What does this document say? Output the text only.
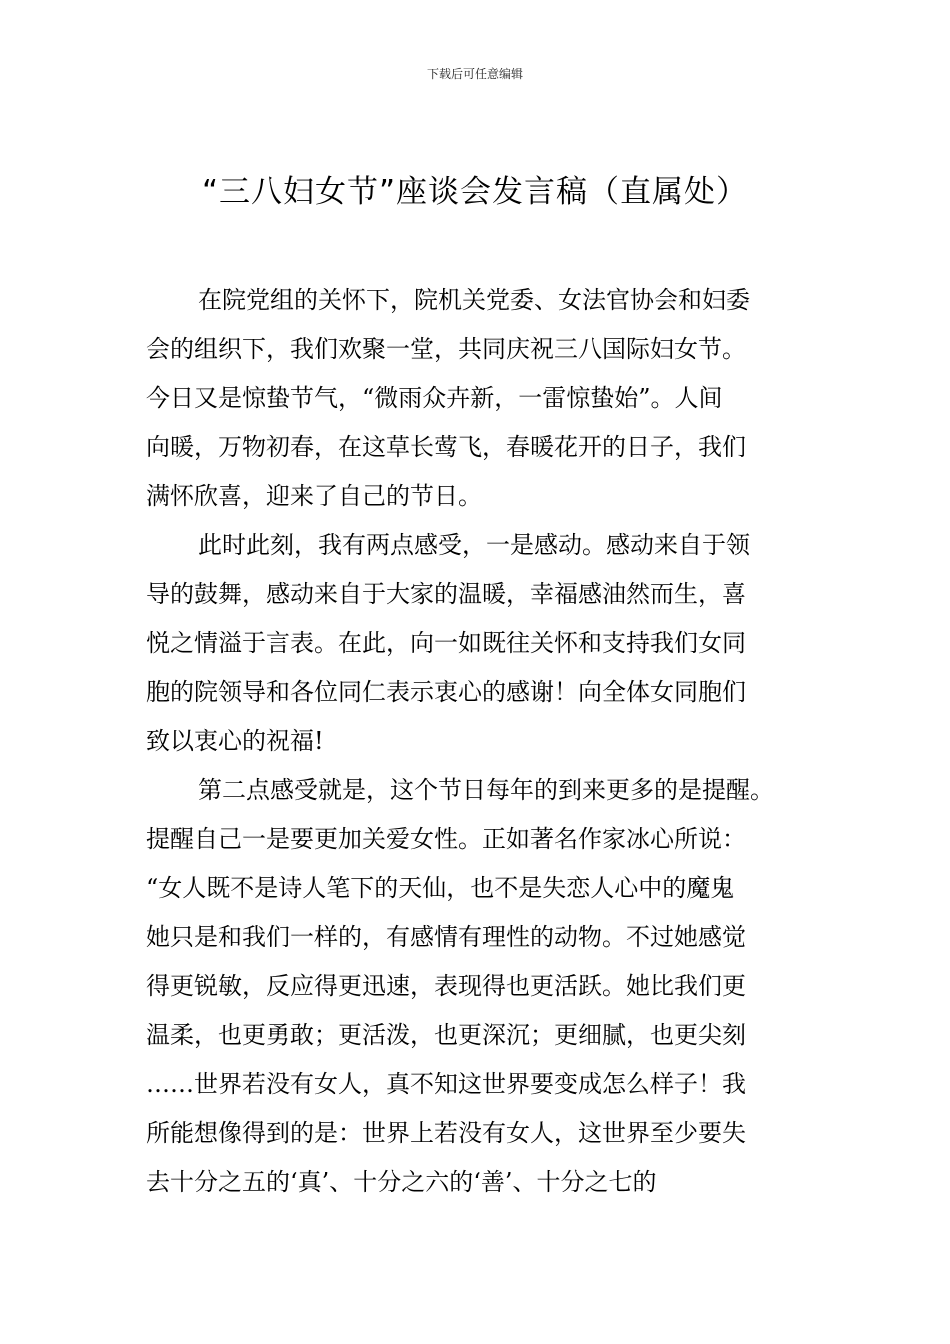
下载后可任意编辑
“三八妇女节”座谈会发言稿（直属处）
在院党组的关怀下，院机关党委、女法官协会和妇委
会的组织下，我们欢聚一堂，共同庆祝三八国际妇女节。
今日又是惊蛰节气，“微雨众卉新，一雷惊蛰始”。人间
向暖，万物初春，在这草长莺飞，春暖花开的日子，我们
满怀欣喜，迎来了自己的节日。
此时此刻，我有两点感受，一是感动。感动来自于领
导的鼓舞，感动来自于大家的温暖，幸福感油然而生，喜
悦之情溢于言表。在此，向一如既往关怀和支持我们女同
胞的院领导和各位同仁表示衷心的感谢！向全体女同胞们
致以衷心的祝福!
第二点感受就是，这个节日每年的到来更多的是提醒。
提醒自己一是要更加关爱女性。正如著名作家冰心所说：
“女人既不是诗人笔下的天仙，也不是失恋人心中的魔鬼
她只是和我们一样的，有感情有理性的动物。不过她感觉
得更锐敏，反应得更迅速，表现得也更活跃。她比我们更
温柔，也更勇敢；更活泼，也更深沉；更细腻，也更尖刻
……世界若没有女人，真不知这世界要变成怎么样子！我
所能想像得到的是：世界上若没有女人，这世界至少要失
去十分之五的‘真’、十分之六的‘善’、十分之七的
